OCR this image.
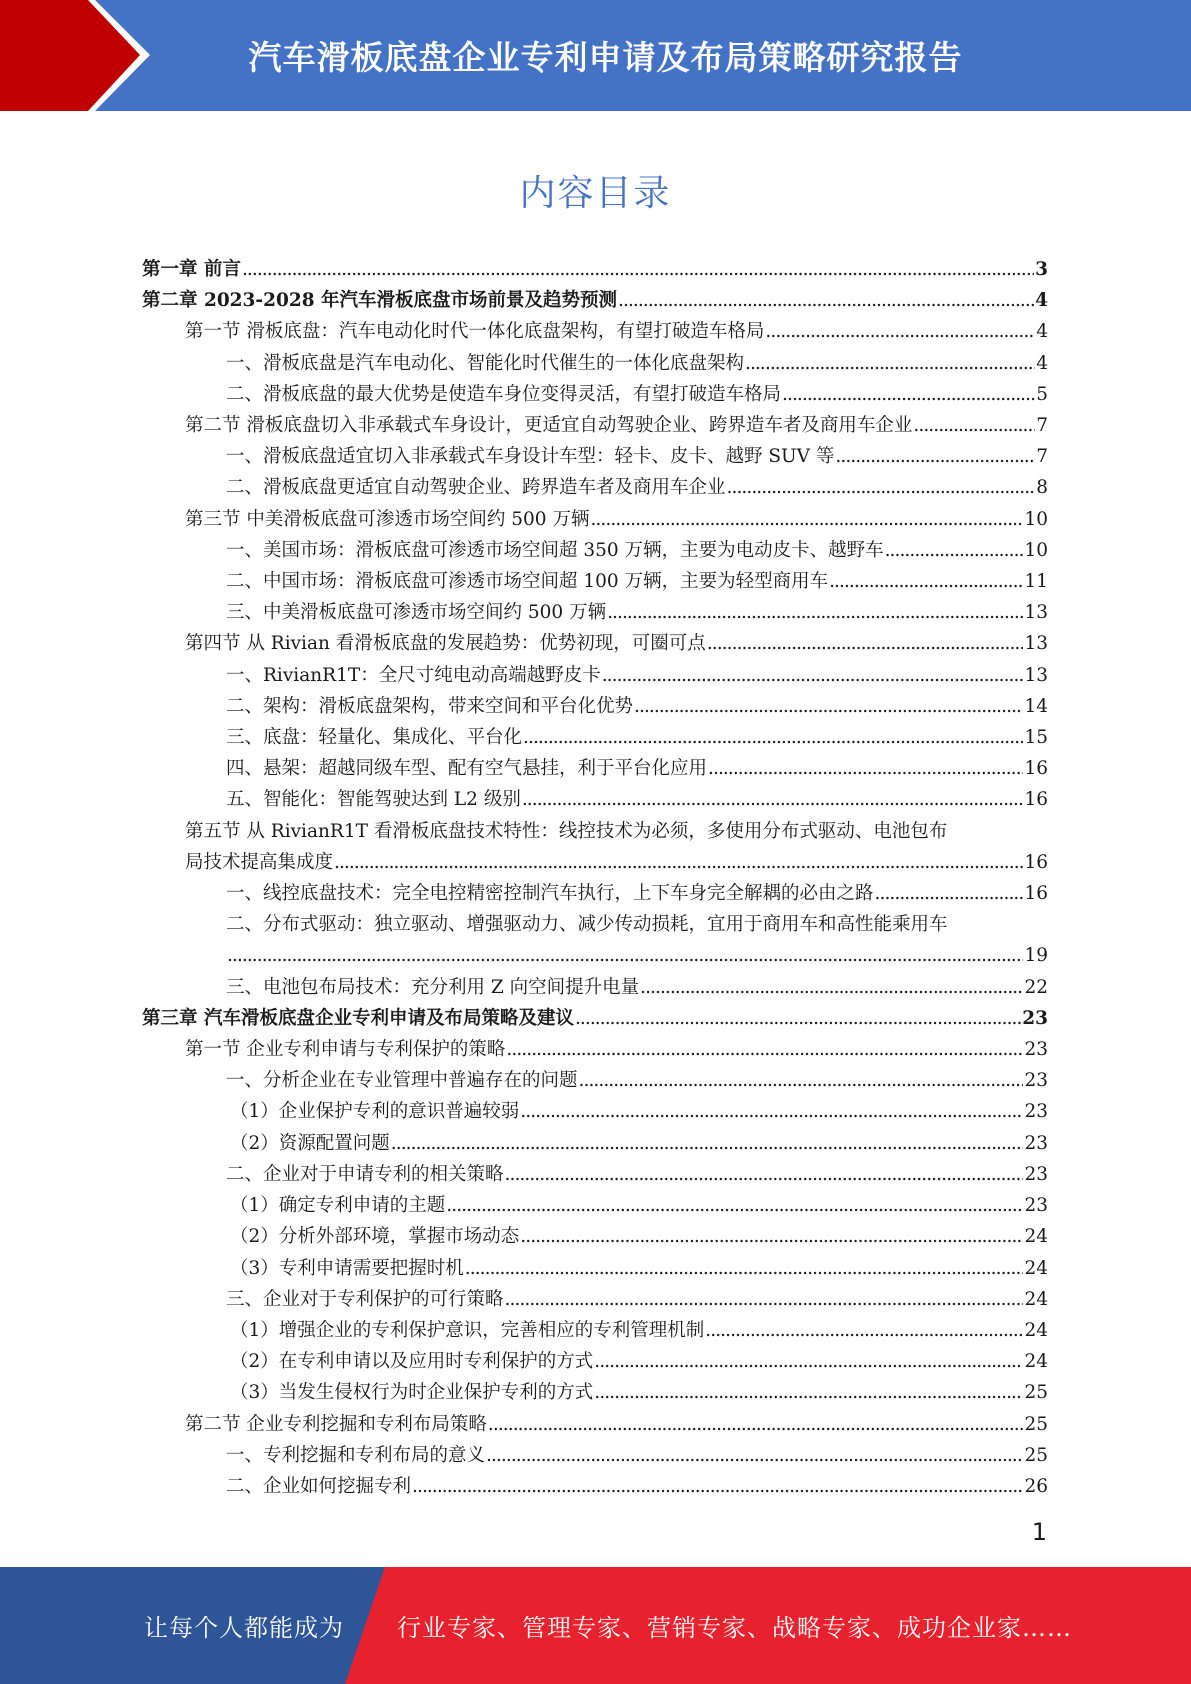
汽车滑板底盘企业专利申请及布局策略研究报告
内容目录
第一章 前言 . . .	3
第二章 2023-2028 年汽车滑板底盘市场前景及趋势预测 . . .	4
第一节 滑板底盘：汽车电动化时代一体化底盘架构，有望打破造车格局 . . .	4
一、滑板底盘是汽车电动化、智能化时代催生的一体化底盘架构 . . .	4
二、滑板底盘的最大优势是使造车身位变得灵活，有望打破造车格局 . . .	5
第二节 滑板底盘切入非承载式车身设计，更适宜自动驾驶企业、跨界造车者及商用车企业 . . .	7
一、滑板底盘适宜切入非承载式车身设计车型：轻卡、皮卡、越野 SUV 等 . . .	7
二、滑板底盘更适宜自动驾驶企业、跨界造车者及商用车企业 . . .	8
第三节 中美滑板底盘可渗透市场空间约 500 万辆 . . .	10
一、美国市场：滑板底盘可渗透市场空间超 350 万辆，主要为电动皮卡、越野车 . . .	10
二、中国市场：滑板底盘可渗透市场空间超 100 万辆，主要为轻型商用车 . . .	11
三、中美滑板底盘可渗透市场空间约 500 万辆 . . .	13
第四节 从 Rivian 看滑板底盘的发展趋势：优势初现，可圈可点 . . .	13
一、RivianR1T：全尺寸纯电动高端越野皮卡 . . .	13
二、架构：滑板底盘架构，带来空间和平台化优势 . . .	14
三、底盘：轻量化、集成化、平台化 . . .	15
四、悬架：超越同级车型、配有空气悬挂，利于平台化应用 . . .	16
五、智能化：智能驾驶达到 L2 级别 . . .	16
第五节 从 RivianR1T 看滑板底盘技术特性：线控技术为必须，多使用分布式驱动、电池包布
局技术提高集成度 . . .	16
一、线控底盘技术：完全电控精密控制汽车执行，上下车身完全解耦的必由之路 . . .	16
二、分布式驱动：独立驱动、增强驱动力、减少传动损耗，宜用于商用车和高性能乘用车
. . .
19
三、电池包布局技术：充分利用 Z 向空间提升电量 . . .	22
第三章 汽车滑板底盘企业专利申请及布局策略及建议 . . .	23
第一节 企业专利申请与专利保护的策略 . . .	23
一、分析企业在专业管理中普遍存在的问题 . . .	23
（1）企业保护专利的意识普遍较弱 . . .	23
（2）资源配置问题 . . .	23
二、企业对于申请专利的相关策略 . . .	23
（1）确定专利申请的主题 . . .	23
（2）分析外部环境，掌握市场动态 . . .	24
（3）专利申请需要把握时机 . . .	24
三、企业对于专利保护的可行策略 . . .	24
（1）增强企业的专利保护意识，完善相应的专利管理机制 . . .	24
（2）在专利申请以及应用时专利保护的方式 . . .	24
（3）当发生侵权行为时企业保护专利的方式 . . .	25
第二节 企业专利挖掘和专利布局策略 . . .	25
一、专利挖掘和专利布局的意义 . . .	25
二、企业如何挖掘专利 . . .	26
1
让每个人都能成为 行业专家、管理专家、营销专家、战略专家、成功企业家……
